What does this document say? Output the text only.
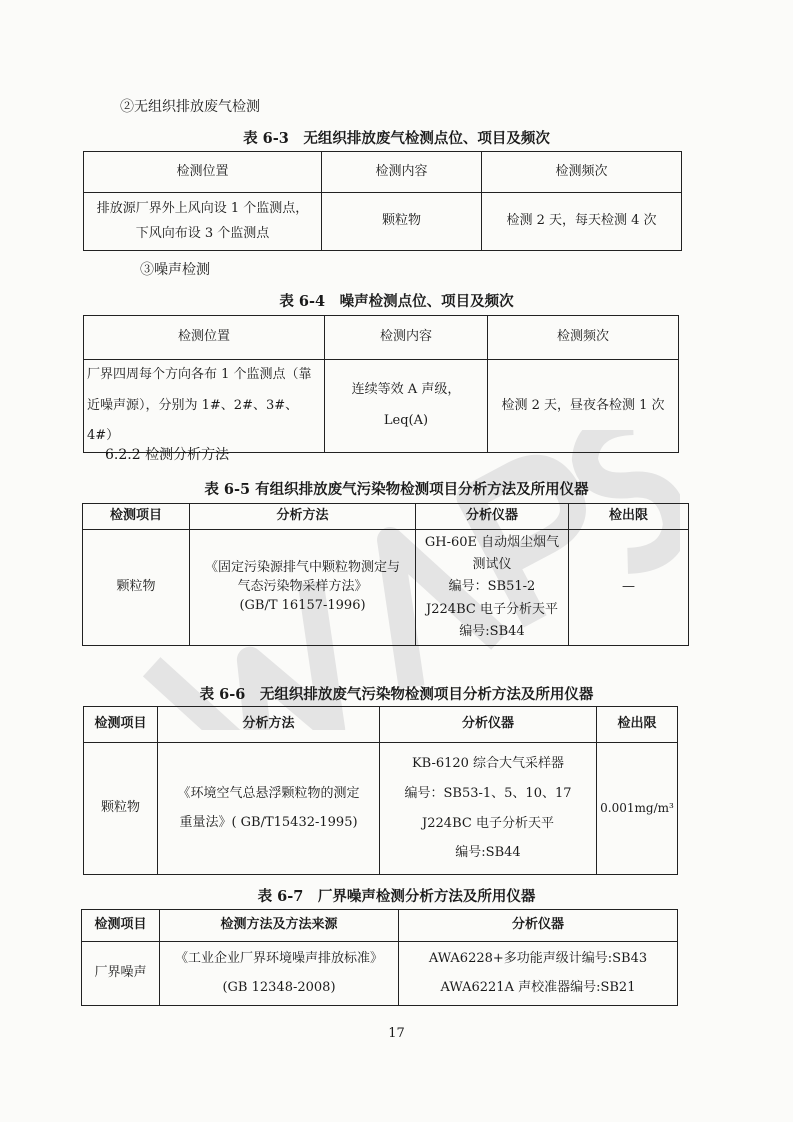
②无组织排放废气检测
表 6-3　无组织排放废气检测点位、项目及频次
检测位置	检测内容	检测频次
排放源厂界外上风向设 1 个监测点，
下风向布设 3 个监测点	颗粒物	检测 2 天，每天检测 4 次
③噪声检测
表 6-4　噪声检测点位、项目及频次
检测位置	检测内容	检测频次
厂界四周每个方向各布 1 个监测点（靠
近噪声源），分别为 1#、2#、3#、4#）	连续等效 A 声级，
Leq(A)	检测 2 天，昼夜各检测 1 次
6.2.2 检测分析方法
表 6-5 有组织排放废气污染物检测项目分析方法及所用仪器
检测项目	分析方法	分析仪器	检出限
颗粒物	《固定污染源排气中颗粒物测定与
气态污染物采样方法》
(GB/T 16157-1996)	GH-60E 自动烟尘烟气
测试仪
编号：SB51-2
J224BC 电子分析天平
编号:SB44	—
表 6-6　无组织排放废气污染物检测项目分析方法及所用仪器
检测项目	分析方法	分析仪器	检出限
颗粒物	《环境空气总悬浮颗粒物的测定
重量法》( GB/T15432-1995)	KB-6120 综合大气采样器
编号：SB53-1、5、10、17
J224BC 电子分析天平
编号:SB44	0.001mg/m³
表 6-7　厂界噪声检测分析方法及所用仪器
检测项目	检测方法及方法来源	分析仪器
厂界噪声	《工业企业厂界环境噪声排放标准》
(GB 12348-2008)	AWA6228+多功能声级计编号:SB43
AWA6221A 声校准器编号:SB21
17
